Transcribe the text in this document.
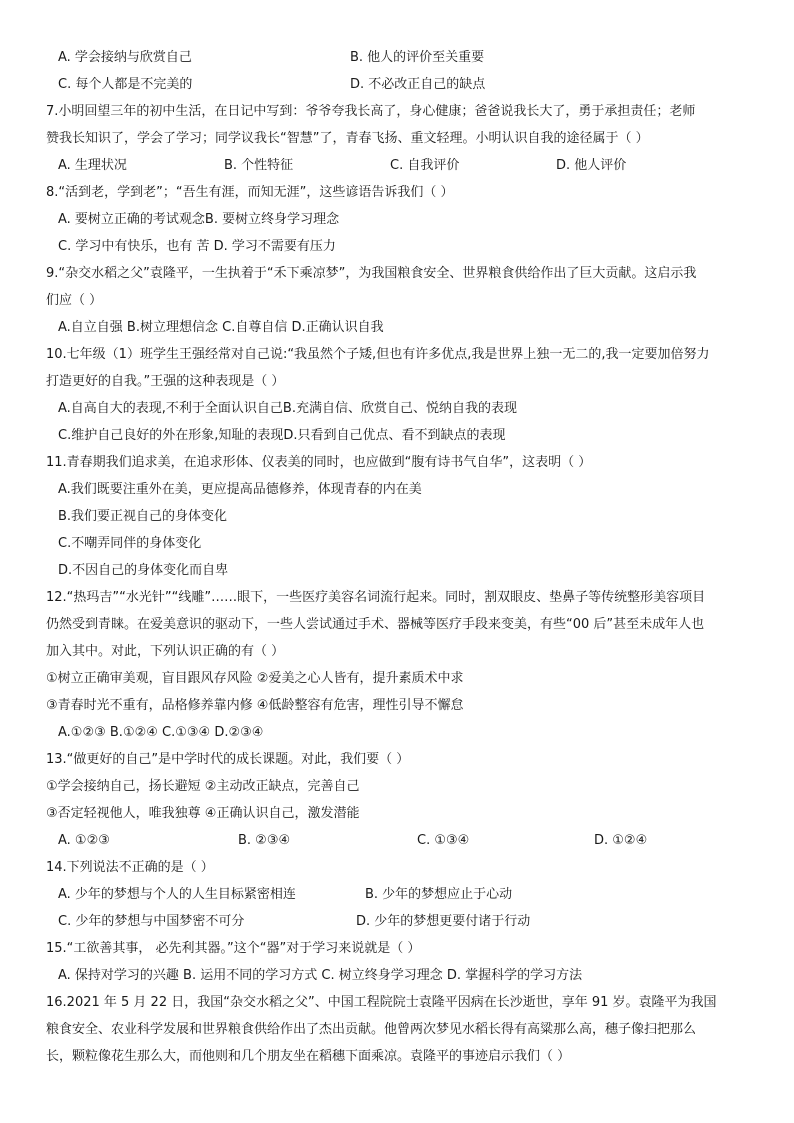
A. 学会接纳与欣赏自己	B. 他人的评价至关重要
C. 每个人都是不完美的	D. 不必改正自己的缺点
7.小明回望三年的初中生活，在日记中写到：爷爷夸我长高了，身心健康；爸爸说我长大了，勇于承担责任；老师
赞我长知识了，学会了学习；同学议我长“智慧”了，青春飞扬、重文轻理。小明认识自我的途径属于（ ）
A. 生理状况	B. 个性特征	C. 自我评价	D. 他人评价
8.“活到老，学到老”；“吾生有涯，而知无涯”，这些谚语告诉我们（ ）
A. 要树立正确的考试观念B. 要树立终身学习理念
C. 学习中有快乐，也有 苦 D. 学习不需要有压力
9.“杂交水稻之父”袁隆平，一生执着于“禾下乘凉梦”，为我国粮食安全、世界粮食供给作出了巨大贡献。这启示我
们应（ ）
A.自立自强 B.树立理想信念 C.自尊自信 D.正确认识自我
10.七年级（1）班学生王强经常对自己说:“我虽然个子矮,但也有许多优点,我是世界上独一无二的,我一定要加倍努力
打造更好的自我。”王强的这种表现是（ ）
A.自高自大的表现,不利于全面认识自己B.充满自信、欣赏自己、悦纳自我的表现
C.维护自己良好的外在形象,知耻的表现D.只看到自己优点、看不到缺点的表现
11.青春期我们追求美，在追求形体、仪表美的同时，也应做到“腹有诗书气自华”，这表明（ ）
A.我们既要注重外在美，更应提高品德修养，体现青春的内在美
B.我们要正视自己的身体变化
C.不嘲弄同伴的身体变化
D.不因自己的身体变化而自卑
12.“热玛吉”“水光针”“线雕”……眼下，一些医疗美容名词流行起来。同时，割双眼皮、垫鼻子等传统整形美容项目
仍然受到青睐。在爱美意识的驱动下，一些人尝试通过手术、器械等医疗手段来变美，有些“00 后”甚至未成年人也
加入其中。对此，下列认识正确的有（ ）
①树立正确审美观，盲目跟风存风险 ②爱美之心人皆有，提升素质术中求
③青春时光不重有，品格修养靠内修 ④低龄整容有危害，理性引导不懈怠
A.①②③ B.①②④ C.①③④ D.②③④
13.“做更好的自己”是中学时代的成长课题。对此，我们要（ ）
①学会接纳自己，扬长避短 ②主动改正缺点，完善自己
③否定轻视他人，唯我独尊 ④正确认识自己，激发潜能
A. ①②③	B. ②③④	C. ①③④	D. ①②④
14.下列说法不正确的是（ ）
A. 少年的梦想与个人的人生目标紧密相连	B. 少年的梦想应止于心动
C. 少年的梦想与中国梦密不可分	D. 少年的梦想更要付诸于行动
15.“工欲善其事， 必先利其器。”这个“器”对于学习来说就是（ ）
A. 保持对学习的兴趣 B. 运用不同的学习方式 C. 树立终身学习理念 D. 掌握科学的学习方法
16.2021 年 5 月 22 日，我国“杂交水稻之父”、中国工程院院士袁隆平因病在长沙逝世，享年 91 岁。袁隆平为我国
粮食安全、农业科学发展和世界粮食供给作出了杰出贡献。他曾两次梦见水稻长得有高粱那么高，穗子像扫把那么
长，颗粒像花生那么大，而他则和几个朋友坐在稻穗下面乘凉。袁隆平的事迹启示我们（ ）
